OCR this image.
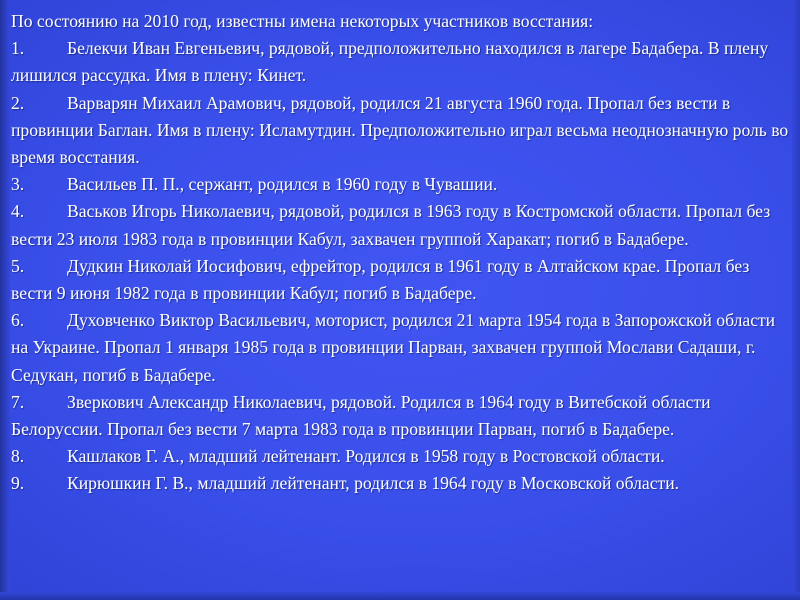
По состоянию на 2010 год, известны имена некоторых участников восстания:

1. Белекчи Иван Евгеньевич, рядовой, предположительно находился в лагере Бадабера. В плену лишился рассудка. Имя в плену: Кинет.

2. Варварян Михаил Арамович, рядовой, родился 21 августа 1960 года. Пропал без вести в провинции Баглан. Имя в плену: Исламутдин. Предположительно играл весьма неоднозначную роль во время восстания.

3. Васильев П. П., сержант, родился в 1960 году в Чувашии.

4. Васьков Игорь Николаевич, рядовой, родился в 1963 году в Костромской области. Пропал без вести 23 июля 1983 года в провинции Кабул, захвачен группой Харакат; погиб в Бадабере.

5. Дудкин Николай Иосифович, ефрейтор, родился в 1961 году в Алтайском крае. Пропал без вести 9 июня 1982 года в провинции Кабул; погиб в Бадабере.

6. Духовченко Виктор Васильевич, моторист, родился 21 марта 1954 года в Запорожской области на Украине. Пропал 1 января 1985 года в провинции Парван, захвачен группой Мослави Садаши, г. Седукан, погиб в Бадабере.

7. Зверкович Александр Николаевич, рядовой. Родился в 1964 году в Витебской области Белоруссии. Пропал без вести 7 марта 1983 года в провинции Парван, погиб в Бадабере.

8. Кашлаков Г. А., младший лейтенант. Родился в 1958 году в Ростовской области.

9. Кирюшкин Г. В., младший лейтенант, родился в 1964 году в Московской области.
